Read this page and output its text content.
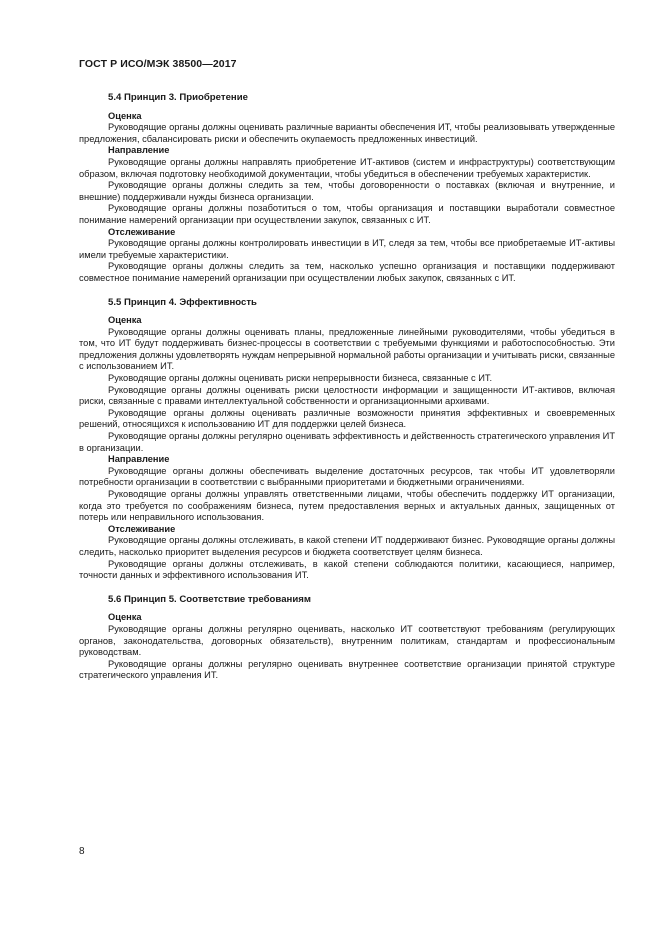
ГОСТ Р ИСО/МЭК 38500—2017
5.4 Принцип 3. Приобретение
Оценка

Руководящие органы должны оценивать различные варианты обеспечения ИТ, чтобы реализовывать утвержденные предложения, сбалансировать риски и обеспечить окупаемость предложенных инвестиций.

Направление

Руководящие органы должны направлять приобретение ИТ-активов (систем и инфраструктуры) соответствующим образом, включая подготовку необходимой документации, чтобы убедиться в обеспечении требуемых характеристик.

Руководящие органы должны следить за тем, чтобы договоренности о поставках (включая и внутренние, и внешние) поддерживали нужды бизнеса организации.

Руководящие органы должны позаботиться о том, чтобы организация и поставщики выработали совместное понимание намерений организации при осуществлении закупок, связанных с ИТ.

Отслеживание

Руководящие органы должны контролировать инвестиции в ИТ, следя за тем, чтобы все приобретаемые ИТ-активы имели требуемые характеристики.

Руководящие органы должны следить за тем, насколько успешно организация и поставщики поддерживают совместное понимание намерений организации при осуществлении любых закупок, связанных с ИТ.

5.5 Принцип 4. Эффективность
Оценка

Руководящие органы должны оценивать планы, предложенные линейными руководителями, чтобы убедиться в том, что ИТ будут поддерживать бизнес-процессы в соответствии с требуемыми функциями и работоспособностью. Эти предложения должны удовлетворять нуждам непрерывной нормальной работы организации и учитывать риски, связанные с использованием ИТ.

Руководящие органы должны оценивать риски непрерывности бизнеса, связанные с ИТ.

Руководящие органы должны оценивать риски целостности информации и защищенности ИТ-активов, включая риски, связанные с правами интеллектуальной собственности и организационными архивами.

Руководящие органы должны оценивать различные возможности принятия эффективных и своевременных решений, относящихся к использованию ИТ для поддержки целей бизнеса.

Руководящие органы должны регулярно оценивать эффективность и действенность стратегического управления ИТ в организации.

Направление

Руководящие органы должны обеспечивать выделение достаточных ресурсов, так чтобы ИТ удовлетворяли потребности организации в соответствии с выбранными приоритетами и бюджетными ограничениями.

Руководящие органы должны управлять ответственными лицами, чтобы обеспечить поддержку ИТ организации, когда это требуется по соображениям бизнеса, путем предоставления верных и актуальных данных, защищенных от потерь или неправильного использования.

Отслеживание

Руководящие органы должны отслеживать, в какой степени ИТ поддерживают бизнес. Руководящие органы должны следить, насколько приоритет выделения ресурсов и бюджета соответствует целям бизнеса.

Руководящие органы должны отслеживать, в какой степени соблюдаются политики, касающиеся, например, точности данных и эффективного использования ИТ.

5.6 Принцип 5. Соответствие требованиям
Оценка

Руководящие органы должны регулярно оценивать, насколько ИТ соответствуют требованиям (регулирующих органов, законодательства, договорных обязательств), внутренним политикам, стандартам и профессиональным руководствам.

Руководящие органы должны регулярно оценивать внутреннее соответствие организации принятой структуре стратегического управления ИТ.

8
